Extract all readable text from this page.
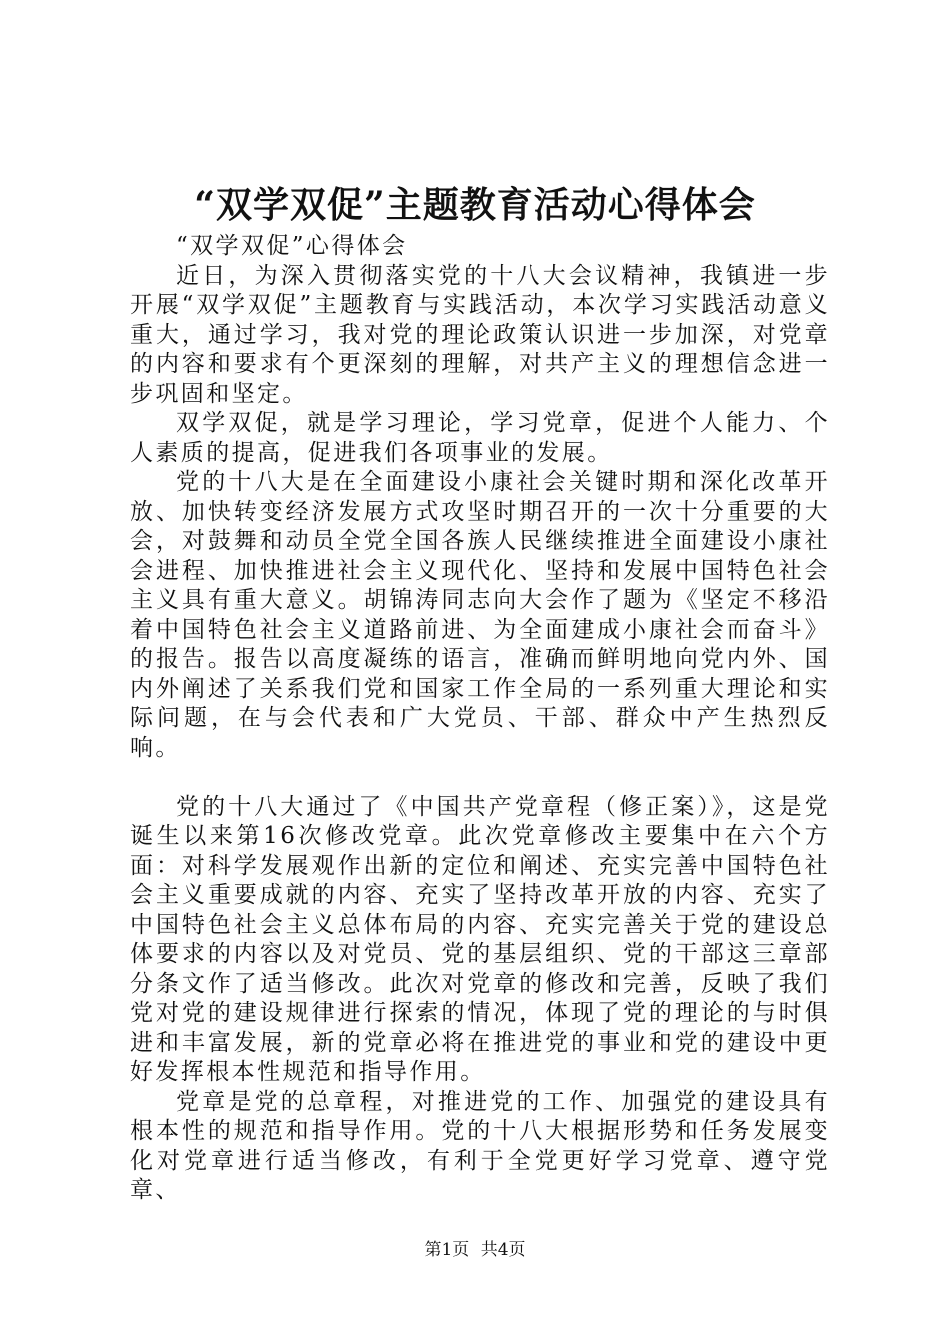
“双学双促”主题教育活动心得体会

“双学双促”心得体会

近日，为深入贯彻落实党的十八大会议精神，我镇进一步开展“双学双促”主题教育与实践活动，本次学习实践活动意义重大，通过学习，我对党的理论政策认识进一步加深，对党章的内容和要求有个更深刻的理解，对共产主义的理想信念进一步巩固和坚定。

双学双促，就是学习理论，学习党章，促进个人能力、个人素质的提高，促进我们各项事业的发展。

党的十八大是在全面建设小康社会关键时期和深化改革开放、加快转变经济发展方式攻坚时期召开的一次十分重要的大会，对鼓舞和动员全党全国各族人民继续推进全面建设小康社会进程、加快推进社会主义现代化、坚持和发展中国特色社会主义具有重大意义。胡锦涛同志向大会作了题为《坚定不移沿着中国特色社会主义道路前进、为全面建成小康社会而奋斗》的报告。报告以高度凝练的语言，准确而鲜明地向党内外、国内外阐述了关系我们党和国家工作全局的一系列重大理论和实际问题，在与会代表和广大党员、干部、群众中产生热烈反响。

党的十八大通过了《中国共产党章程（修正案）》，这是党诞生以来第16次修改党章。此次党章修改主要集中在六个方面：对科学发展观作出新的定位和阐述、充实完善中国特色社会主义重要成就的内容、充实了坚持改革开放的内容、充实了中国特色社会主义总体布局的内容、充实完善关于党的建设总体要求的内容以及对党员、党的基层组织、党的干部这三章部分条文作了适当修改。此次对党章的修改和完善，反映了我们党对党的建设规律进行探索的情况，体现了党的理论的与时俱进和丰富发展，新的党章必将在推进党的事业和党的建设中更好发挥根本性规范和指导作用。

党章是党的总章程，对推进党的工作、加强党的建设具有根本性的规范和指导作用。党的十八大根据形势和任务发展变化对党章进行适当修改，有利于全党更好学习党章、遵守党章、

第1页 共4页
